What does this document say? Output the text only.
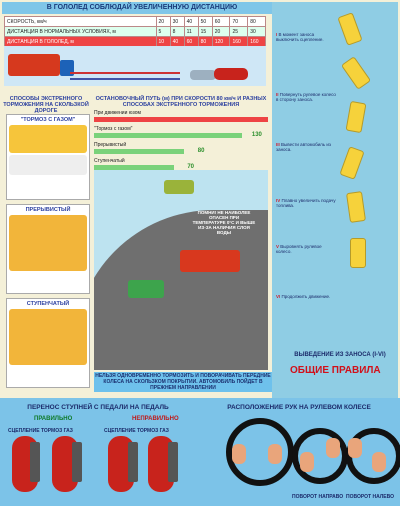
В ГОЛОЛЕД СОБЛЮДАЙ УВЕЛИЧЕННУЮ ДИСТАНЦИЮ
СКОРОСТЬ, км/ч	20	30	40	50	60	70	80
ДИСТАНЦИЯ В НОРМАЛЬНЫХ УСЛОВИЯХ, м	5	8	11	15	20	25	30
ДИСТАНЦИЯ В ГОЛОЛЕД, м	10	40	60	80	120	160	160
СПОСОБЫ ЭКСТРЕННОГО ТОРМОЖЕНИЯ НА СКОЛЬЗКОЙ ДОРОГЕ
"ТОРМОЗ С ГАЗОМ"
ПРЕРЫВИСТЫЙ
СТУПЕНЧАТЫЙ
ОСТАНОВОЧНЫЙ ПУТЬ (м) ПРИ СКОРОСТИ 80 км/ч И РАЗНЫХ СПОСОБАХ ЭКСТРЕННОГО ТОРМОЖЕНИЯ
При движении юзом
"Тормоз с газом"
130
Прерывистый
80
Ступенчатый
70
ПОМНИ! НЕ НАИБОЛЕЕ ОПАСЕН ПРИ ТЕМПЕРАТУРЕ 0°С И ВЫШЕ ИЗ-ЗА НАЛИЧИЯ СЛОЯ ВОДЫ
НЕЛЬЗЯ ОДНОВРЕМЕННО ТОРМОЗИТЬ И ПОВОРАЧИВАТЬ ПЕРЕДНИЕ КОЛЕСА НА СКОЛЬЗКОМ ПОКРЫТИИ. АВТОМОБИЛЬ ПОЙДЕТ В ПРЕЖНЕМ НАПРАВЛЕНИИ
I В момент заноса выключить сцепление.
II Повернуть рулевое колесо в сторону заноса.
III Вывести автомобиль из заноса.
IV Плавно увеличить подачу топлива.
V Выровнять рулевое колесо.
VI Продолжить движение.
ВЫВЕДЕНИЕ ИЗ ЗАНОСА (I-VI)
ОБЩИЕ ПРАВИЛА
ПЕРЕНОС СТУПНЕЙ С ПЕДАЛИ НА ПЕДАЛЬ	РАСПОЛОЖЕНИЕ РУК НА РУЛЕВОМ КОЛЕСЕ
ПРАВИЛЬНО	НЕПРАВИЛЬНО
СЦЕПЛЕНИЕ ТОРМОЗ ГАЗ	СЦЕПЛЕНИЕ ТОРМОЗ ГАЗ
ПОВОРОТ НАПРАВО ПОВОРОТ НАЛЕВО
